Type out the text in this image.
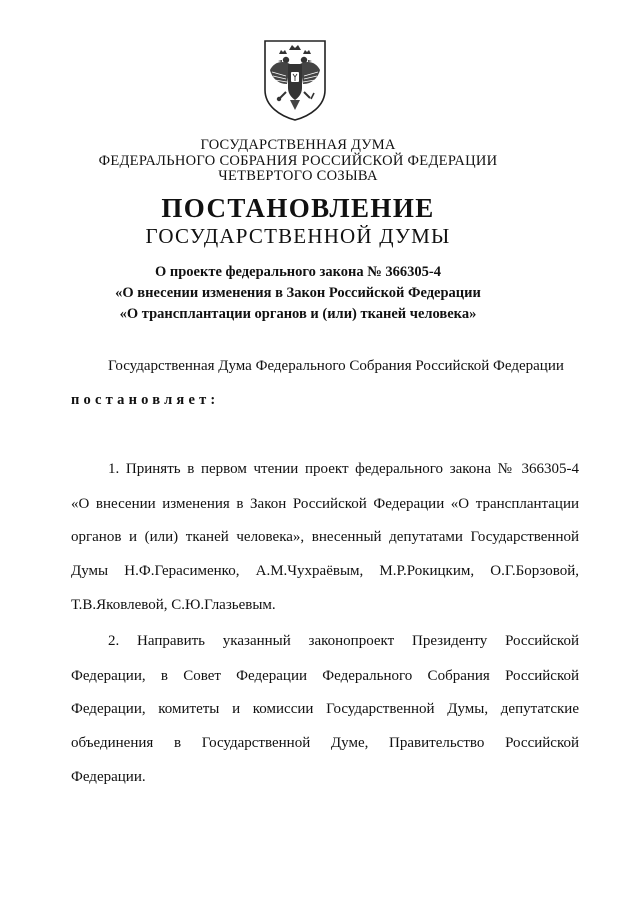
ГОСУДАРСТВЕННАЯ ДУМА
ФЕДЕРАЛЬНОГО СОБРАНИЯ РОССИЙСКОЙ ФЕДЕРАЦИИ
ЧЕТВЕРТОГО СОЗЫВА
ПОСТАНОВЛЕНИЕ
ГОСУДАРСТВЕННОЙ ДУМЫ
О проекте федерального закона № 366305-4
«О внесении изменения в Закон Российской Федерации
«О трансплантации органов и (или) тканей человека»
Государственная Дума Федерального Собрания Российской Федерации
постановляет:
1. Принять в первом чтении проект федерального закона № 366305-4
«О внесении изменения в Закон Российской Федерации «О трансплантации
органов и (или) тканей человека», внесенный депутатами Государственной
Думы Н.Ф.Герасименко, А.М.Чухраёвым, М.Р.Рокицким, О.Г.Борзовой,
Т.В.Яковлевой, С.Ю.Глазьевым.
2. Направить указанный законопроект Президенту Российской
Федерации, в Совет Федерации Федерального Собрания Российской
Федерации, комитеты и комиссии Государственной Думы, депутатские
объединения в Государственной Думе, Правительство Российской
Федерации.
